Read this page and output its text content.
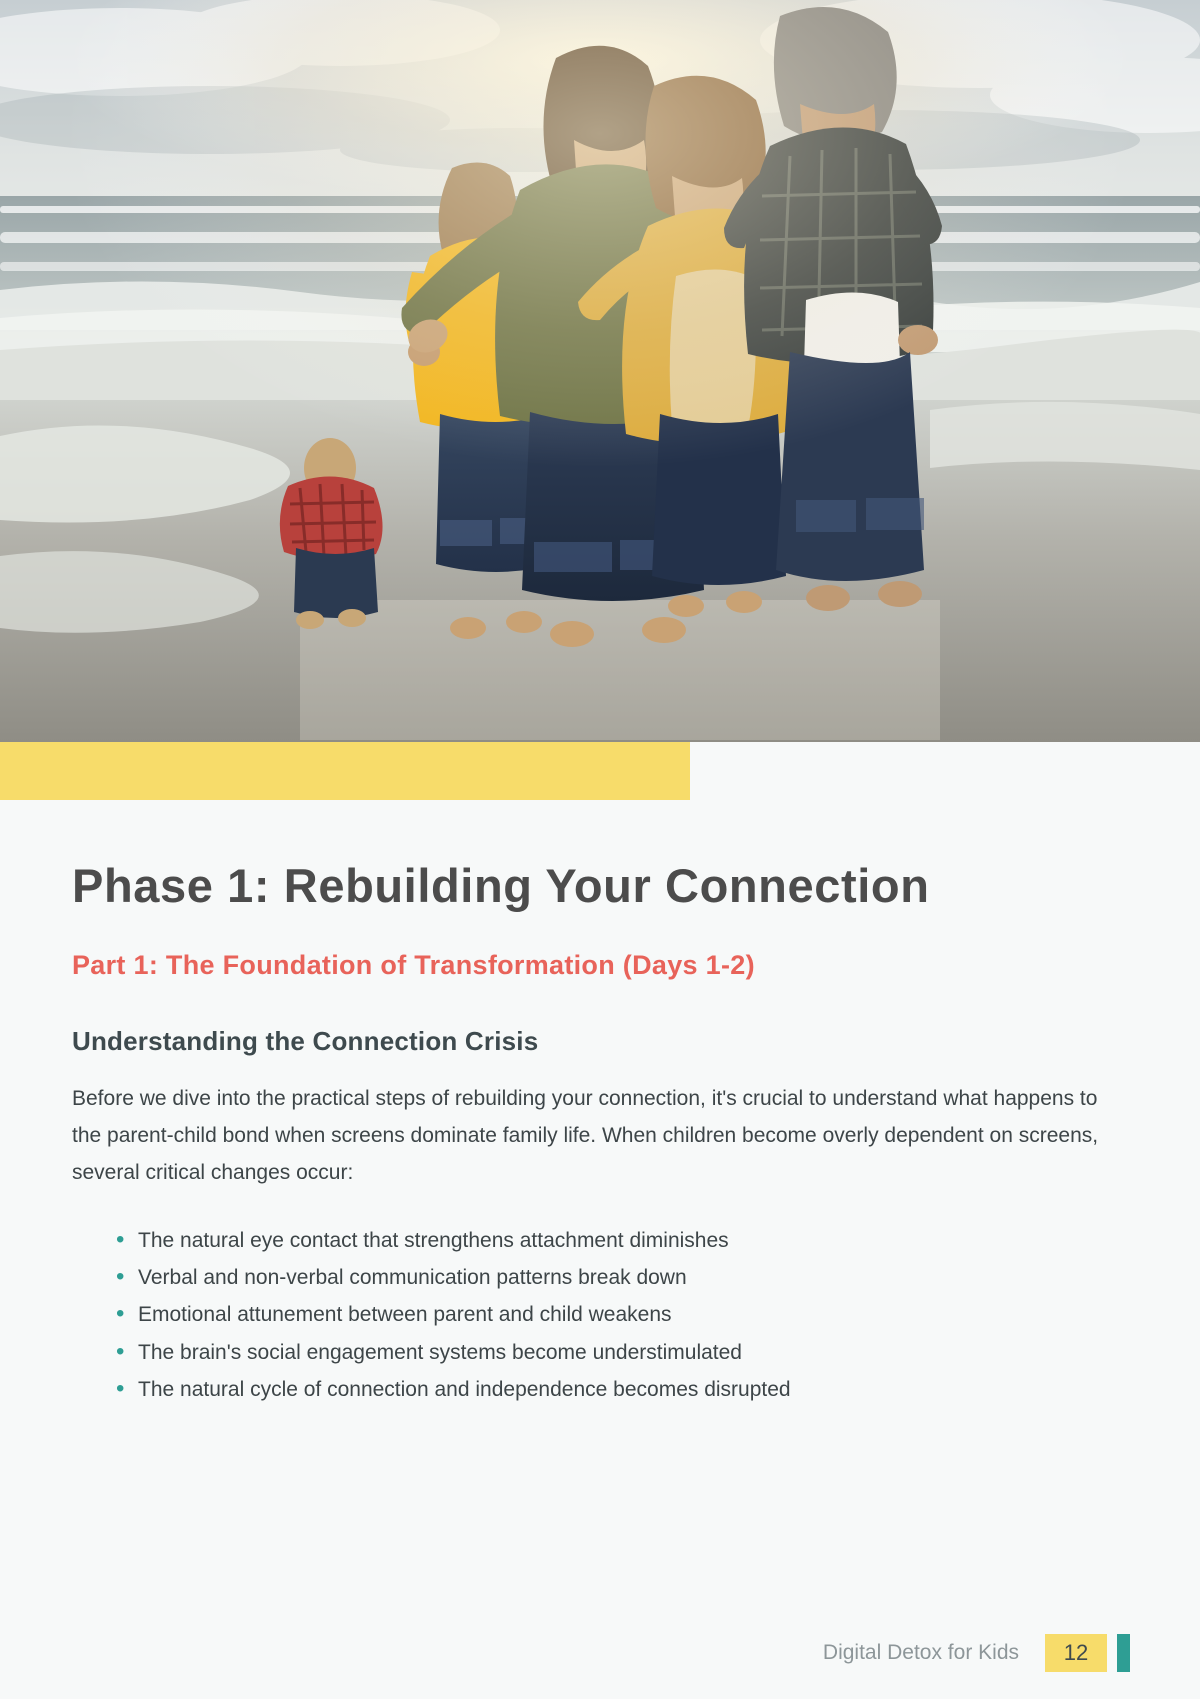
Phase 1: Rebuilding Your Connection
Part 1: The Foundation of Transformation (Days 1-2)
Understanding the Connection Crisis

Before we dive into the practical steps of rebuilding your connection, it's crucial to understand what happens to the parent-child bond when screens dominate family life. When children become overly dependent on screens, several critical changes occur:

• The natural eye contact that strengthens attachment diminishes
• Verbal and non-verbal communication patterns break down
• Emotional attunement between parent and child weakens
• The brain's social engagement systems become understimulated
• The natural cycle of connection and independence becomes disrupted
Digital Detox for Kids	12
